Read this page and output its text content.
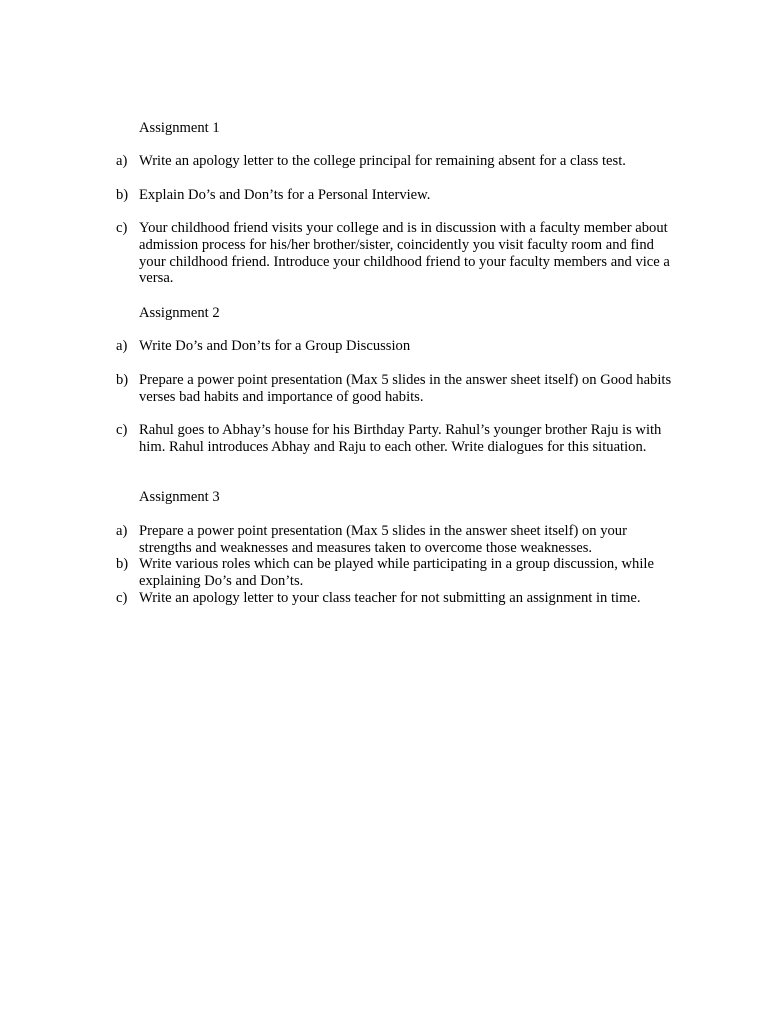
Assignment 1
a) Write an apology letter to the college principal for remaining absent for a class test.
b) Explain Do’s and Don’ts for a Personal Interview.
c) Your childhood friend visits your college and is in discussion with a faculty member about admission process for his/her brother/sister, coincidently you visit faculty room and find your childhood friend. Introduce your childhood friend to your faculty members and vice a versa.
Assignment 2
a) Write Do’s and Don’ts for a Group Discussion
b) Prepare a power point presentation (Max 5 slides in the answer sheet itself) on Good habits verses bad habits and importance of good habits.
c) Rahul goes to Abhay’s house for his Birthday Party. Rahul’s younger brother Raju is with him. Rahul introduces Abhay and Raju to each other. Write dialogues for this situation.
Assignment 3
a) Prepare a power point presentation (Max 5 slides in the answer sheet itself) on your strengths and weaknesses and measures taken to overcome those weaknesses.
b) Write various roles which can be played while participating in a group discussion, while explaining Do’s and Don’ts.
c) Write an apology letter to your class teacher for not submitting an assignment in time.
